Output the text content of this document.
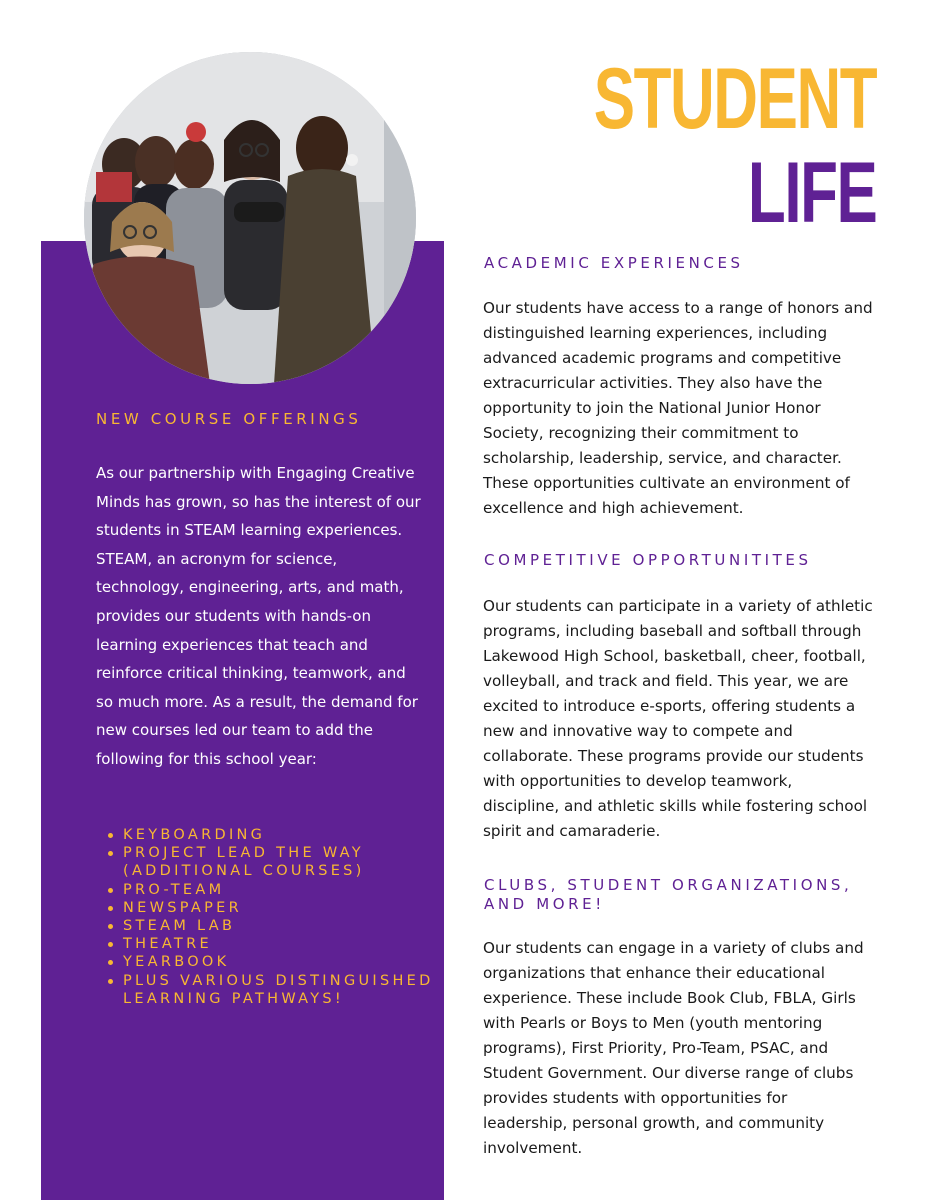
STUDENT
LIFE
ACADEMIC EXPERIENCES

Our students have access to a range of honors and distinguished learning experiences, including advanced academic programs and competitive extracurricular activities. They also have the opportunity to join the National Junior Honor Society, recognizing their commitment to scholarship, leadership, service, and character. These opportunities cultivate an environment of excellence and high achievement.

COMPETITIVE OPPORTUNITITES

Our students can participate in a variety of athletic programs, including baseball and softball through Lakewood High School, basketball, cheer, football, volleyball, and track and field. This year, we are excited to introduce e-sports, offering students a new and innovative way to compete and collaborate. These programs provide our students with opportunities to develop teamwork, discipline, and athletic skills while fostering school spirit and camaraderie.

CLUBS, STUDENT ORGANIZATIONS, AND MORE!

Our students can engage in a variety of clubs and organizations that enhance their educational experience. These include Book Club, FBLA, Girls with Pearls or Boys to Men (youth mentoring programs), First Priority, Pro-Team, PSAC, and Student Government. Our diverse range of clubs provides students with opportunities for leadership, personal growth, and community involvement.

NEW COURSE OFFERINGS

As our partnership with Engaging Creative Minds has grown, so has the interest of our students in STEAM learning experiences. STEAM, an acronym for science, technology, engineering, arts, and math, provides our students with hands-on learning experiences that teach and reinforce critical thinking, teamwork, and so much more. As a result, the demand for new courses led our team to add the following for this school year:

KEYBOARDING
PROJECT LEAD THE WAY (ADDITIONAL COURSES)
PRO-TEAM
NEWSPAPER
STEAM LAB
THEATRE
YEARBOOK
PLUS VARIOUS DISTINGUISHED LEARNING PATHWAYS!
